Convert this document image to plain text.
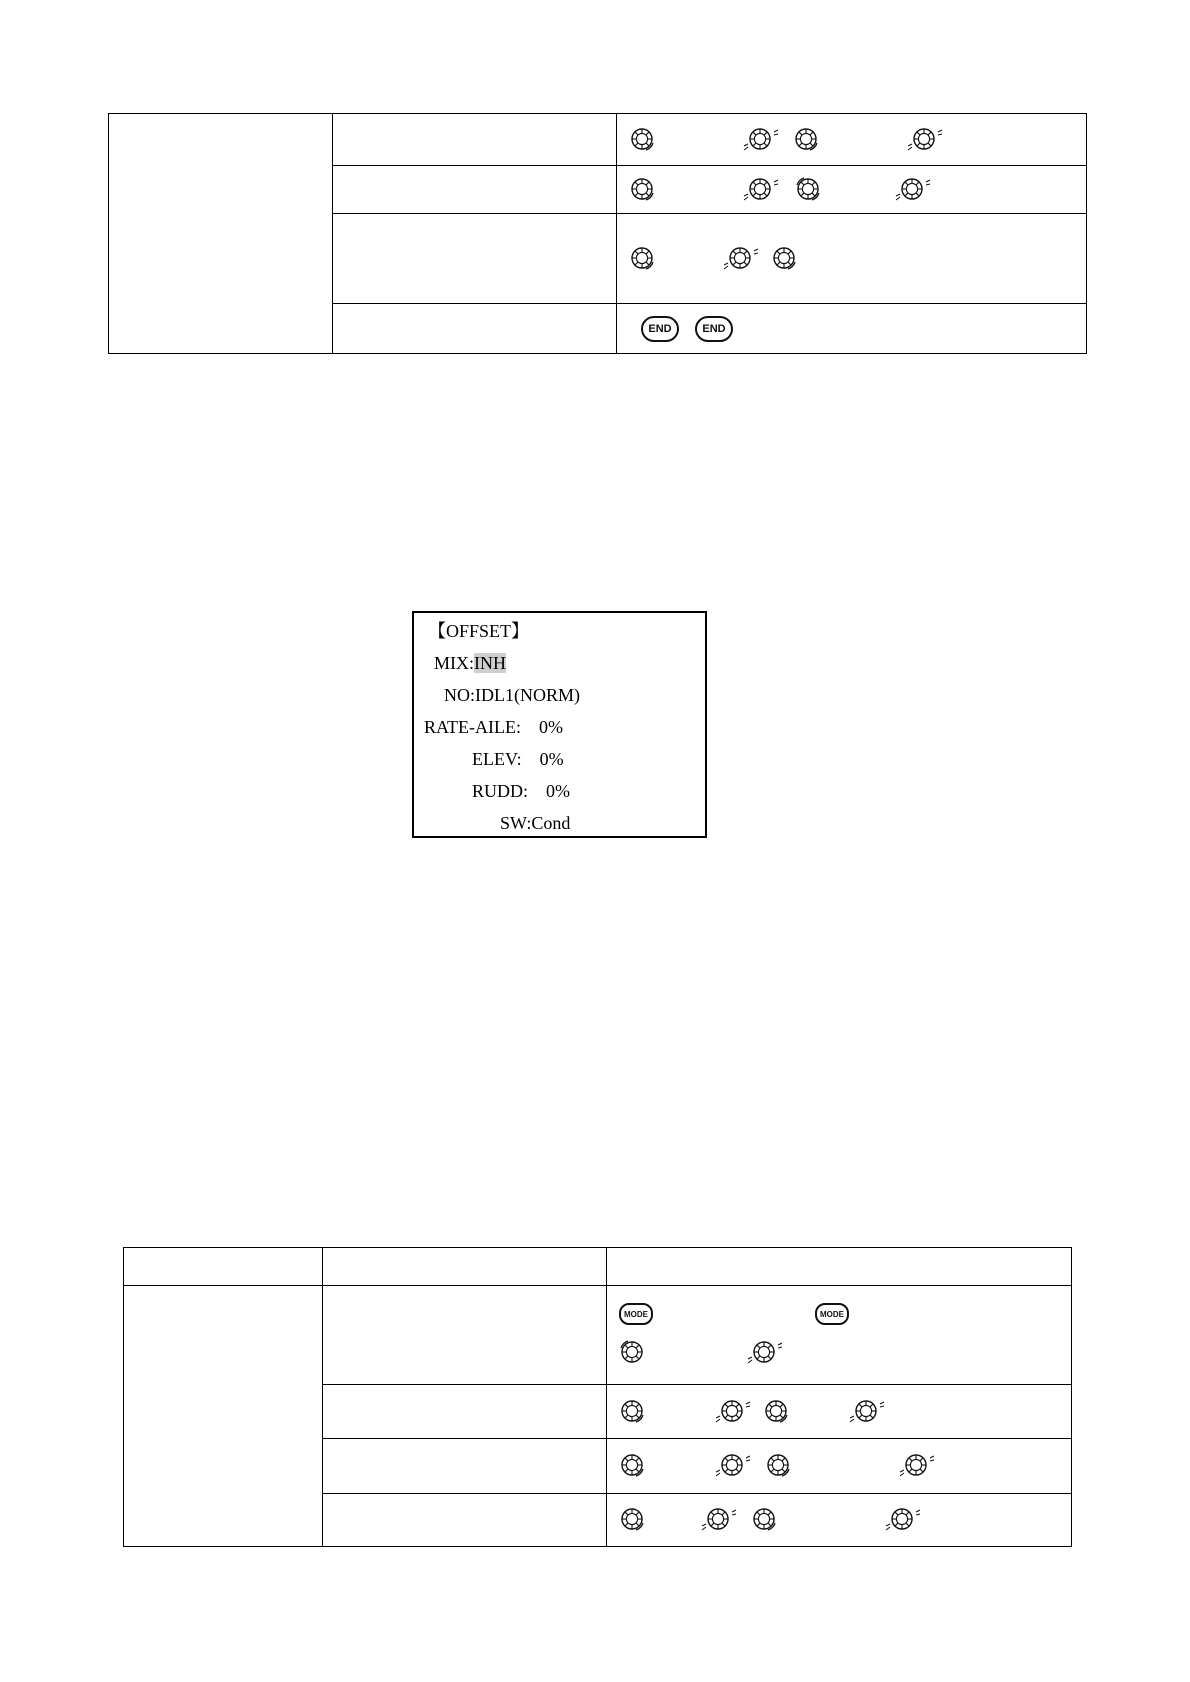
END END
【OFFSET】
MIX:INH
NO:IDL1(NORM)
RATE-AILE:    0%
ELEV:    0%
RUDD:    0%
SW:Cond

MODE MODE
